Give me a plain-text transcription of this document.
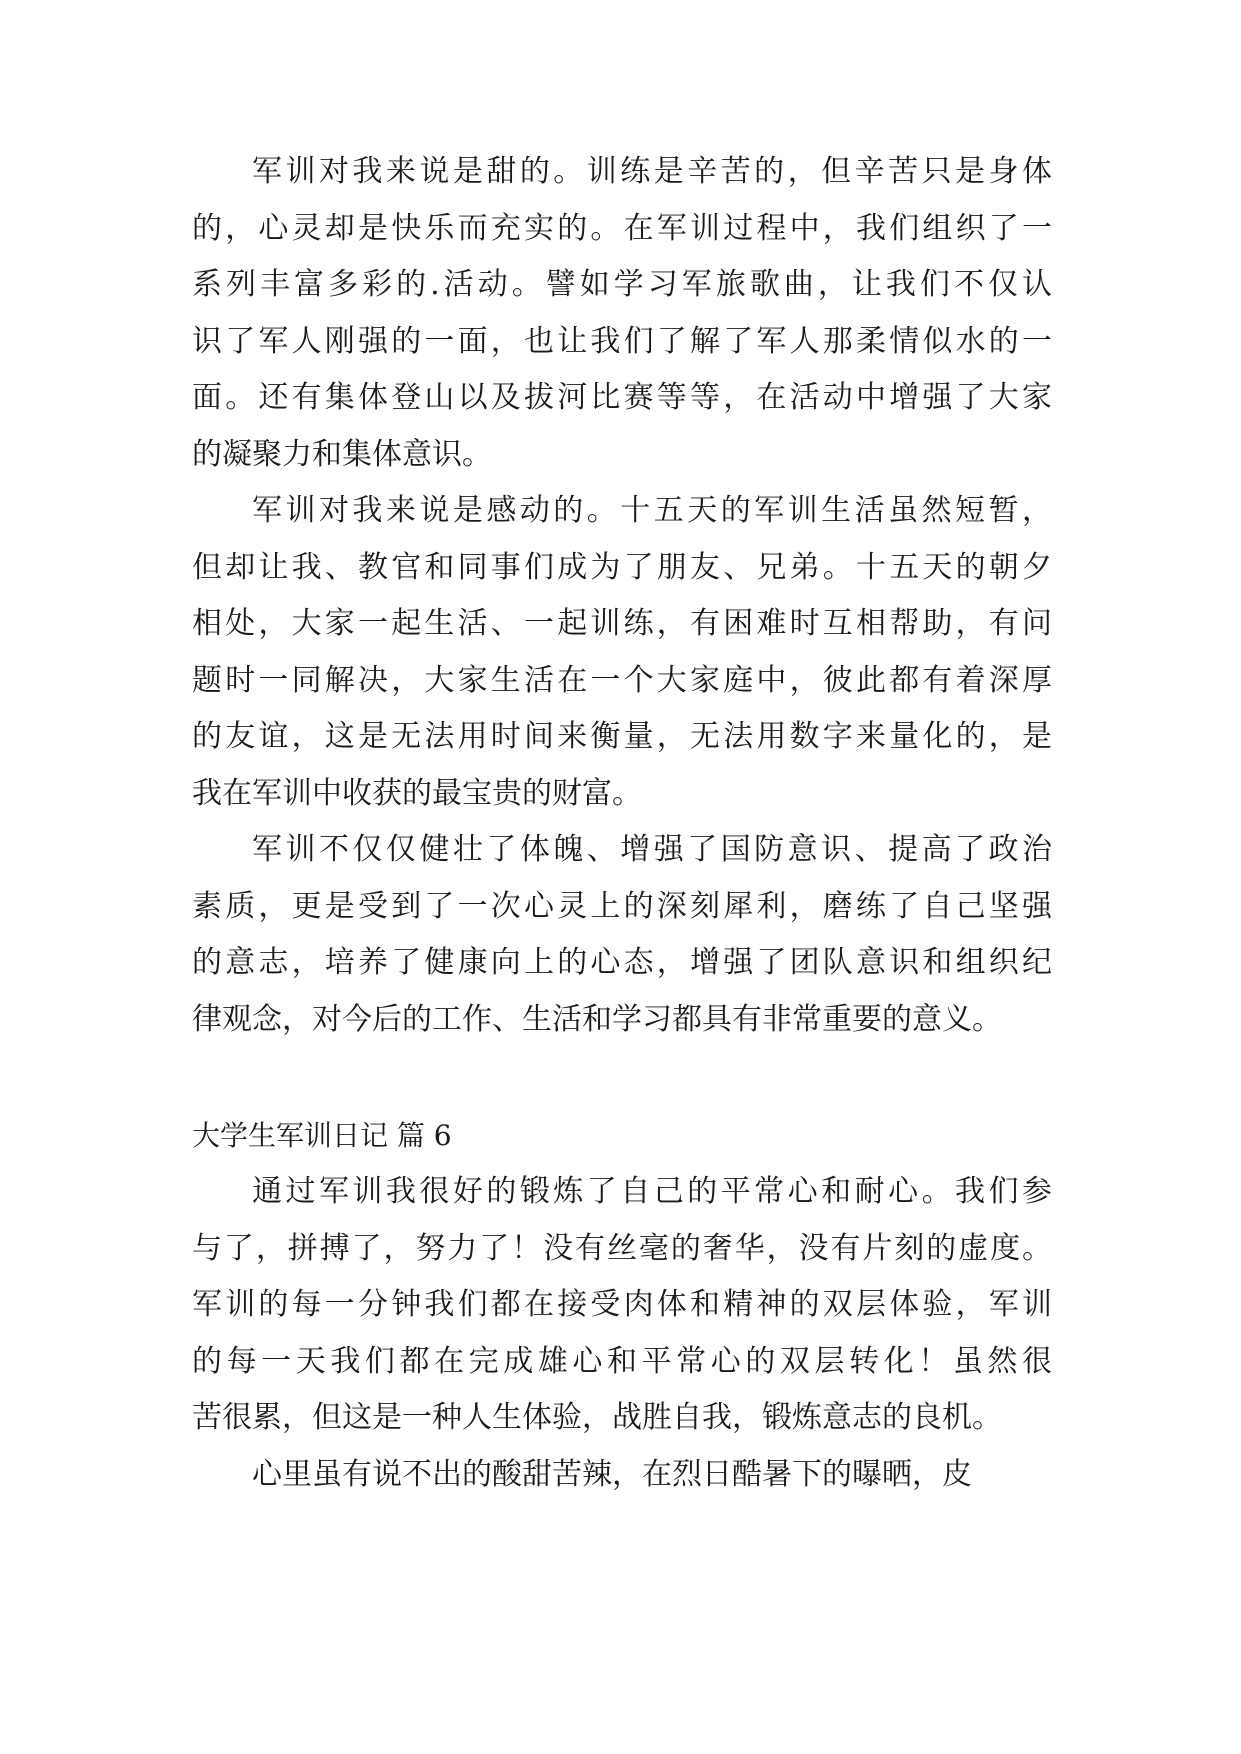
军训对我来说是甜的。训练是辛苦的，但辛苦只是身体
的，心灵却是快乐而充实的。在军训过程中，我们组织了一
系列丰富多彩的.活动。譬如学习军旅歌曲，让我们不仅认
识了军人刚强的一面，也让我们了解了军人那柔情似水的一
面。还有集体登山以及拔河比赛等等，在活动中增强了大家
的凝聚力和集体意识。
军训对我来说是感动的。十五天的军训生活虽然短暂，
但却让我、教官和同事们成为了朋友、兄弟。十五天的朝夕
相处，大家一起生活、一起训练，有困难时互相帮助，有问
题时一同解决，大家生活在一个大家庭中，彼此都有着深厚
的友谊，这是无法用时间来衡量，无法用数字来量化的，是
我在军训中收获的最宝贵的财富。
军训不仅仅健壮了体魄、增强了国防意识、提高了政治
素质，更是受到了一次心灵上的深刻犀利，磨练了自己坚强
的意志，培养了健康向上的心态，增强了团队意识和组织纪
律观念，对今后的工作、生活和学习都具有非常重要的意义。
大学生军训日记 篇 6
通过军训我很好的锻炼了自己的平常心和耐心。我们参
与了，拼搏了，努力了！没有丝毫的奢华，没有片刻的虚度。
军训的每一分钟我们都在接受肉体和精神的双层体验，军训
的每一天我们都在完成雄心和平常心的双层转化！虽然很
苦很累，但这是一种人生体验，战胜自我，锻炼意志的良机。
心里虽有说不出的酸甜苦辣，在烈日酷暑下的曝晒，皮
